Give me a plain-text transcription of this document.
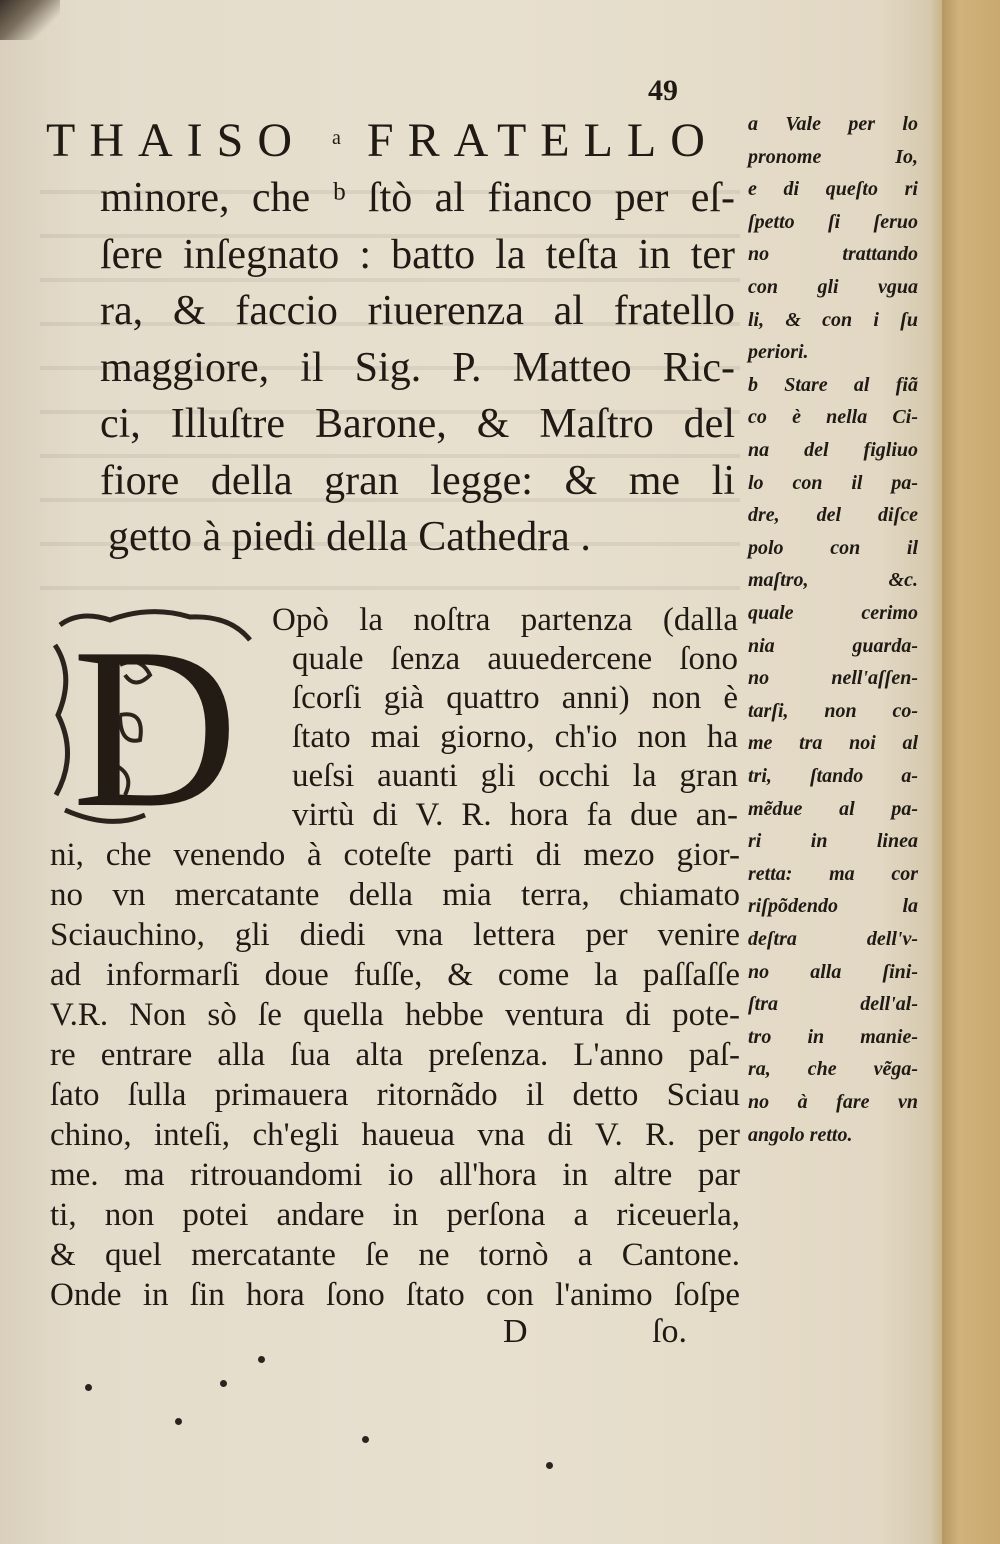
49
THAISO $^a$ FRATELLO
minore, che ᵇ ſtò al fianco per eſ-
ſere inſegnato : batto la teſta in ter
ra, & faccio riuerenza al fratello
maggiore, il Sig. P. Matteo Ric-
ci, Illuſtre Barone, & Maſtro del
fiore della gran legge: & me li
getto à piedi della Cathedra .
D Opò la noſtra partenza (dalla
quale ſenza auuedercene ſono
ſcorſi già quattro anni) non è
ſtato mai giorno, ch'io non ha
ueſsi auanti gli occhi la gran
virtù di V. R. hora fa due an-
ni, che venendo à coteſte parti di mezo gior-
no vn mercatante della mia terra, chiamato
Sciauchino, gli diedi vna lettera per venire
ad informarſi doue fuſſe, & come la paſſaſſe
V.R. Non sò ſe quella hebbe ventura di pote-
re entrare alla ſua alta preſenza. L'anno paſ-
ſato ſulla primauera ritornãdo il detto Sciau
chino, inteſi, ch'egli haueua vna di V. R. per
me. ma ritrouandomi io all'hora in altre par
ti, non potei andare in perſona a riceuerla,
& quel mercatante ſe ne tornò a Cantone.
Onde in ſin hora ſono ſtato con l'animo ſoſpe
a Vale per lo
pronome Io,
e di queſto ri
ſpetto ſi ſeruo
no trattando
con gli vgua
li, & con i ſu
periori.
b Stare al fiã
co è nella Ci-
na del figliuo
lo con il pa-
dre, del diſce
polo con il
maſtro, &c.
quale cerimo
nia guarda-
no nell'aſſen-
tarſi, non co-
me tra noi al
tri, ſtando a-
mẽdue al pa-
ri in linea
retta: ma cor
riſpõdendo la
deſtra dell'v-
no alla ſini-
ſtra dell'al-
tro in manie-
ra, che vẽga-
no à fare vn
angolo retto.
D	ſo.
